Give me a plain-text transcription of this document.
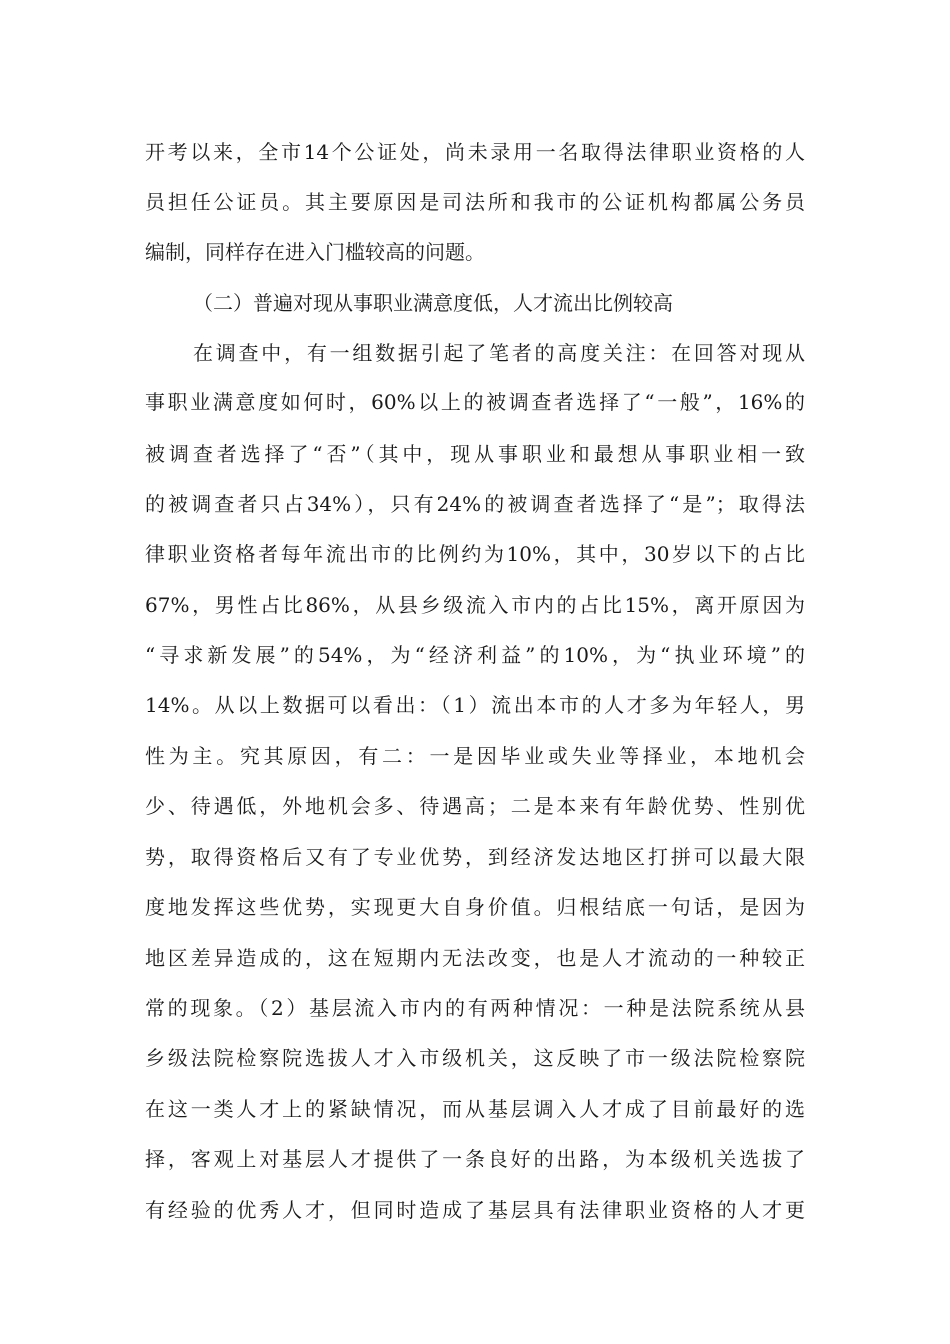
开考以来，全市14个公证处，尚未录用一名取得法律职业资格的人
员担任公证员。其主要原因是司法所和我市的公证机构都属公务员
编制，同样存在进入门槛较高的问题。
（二）普遍对现从事职业满意度低，人才流出比例较高
在调查中，有一组数据引起了笔者的高度关注：在回答对现从
事职业满意度如何时，60%以上的被调查者选择了“一般”，16%的
被调查者选择了“否”（其中，现从事职业和最想从事职业相一致
的被调查者只占34%），只有24%的被调查者选择了“是”；取得法
律职业资格者每年流出市的比例约为10%，其中，30岁以下的占比
67%，男性占比86%，从县乡级流入市内的占比15%，离开原因为
“寻求新发展”的54%，为“经济利益”的10%，为“执业环境”的
14%。从以上数据可以看出：（1）流出本市的人才多为年轻人，男
性为主。究其原因，有二：一是因毕业或失业等择业，本地机会
少、待遇低，外地机会多、待遇高；二是本来有年龄优势、性别优
势，取得资格后又有了专业优势，到经济发达地区打拼可以最大限
度地发挥这些优势，实现更大自身价值。归根结底一句话，是因为
地区差异造成的，这在短期内无法改变，也是人才流动的一种较正
常的现象。（2）基层流入市内的有两种情况：一种是法院系统从县
乡级法院检察院选拔人才入市级机关，这反映了市一级法院检察院
在这一类人才上的紧缺情况，而从基层调入人才成了目前最好的选
择，客观上对基层人才提供了一条良好的出路，为本级机关选拔了
有经验的优秀人才，但同时造成了基层具有法律职业资格的人才更
